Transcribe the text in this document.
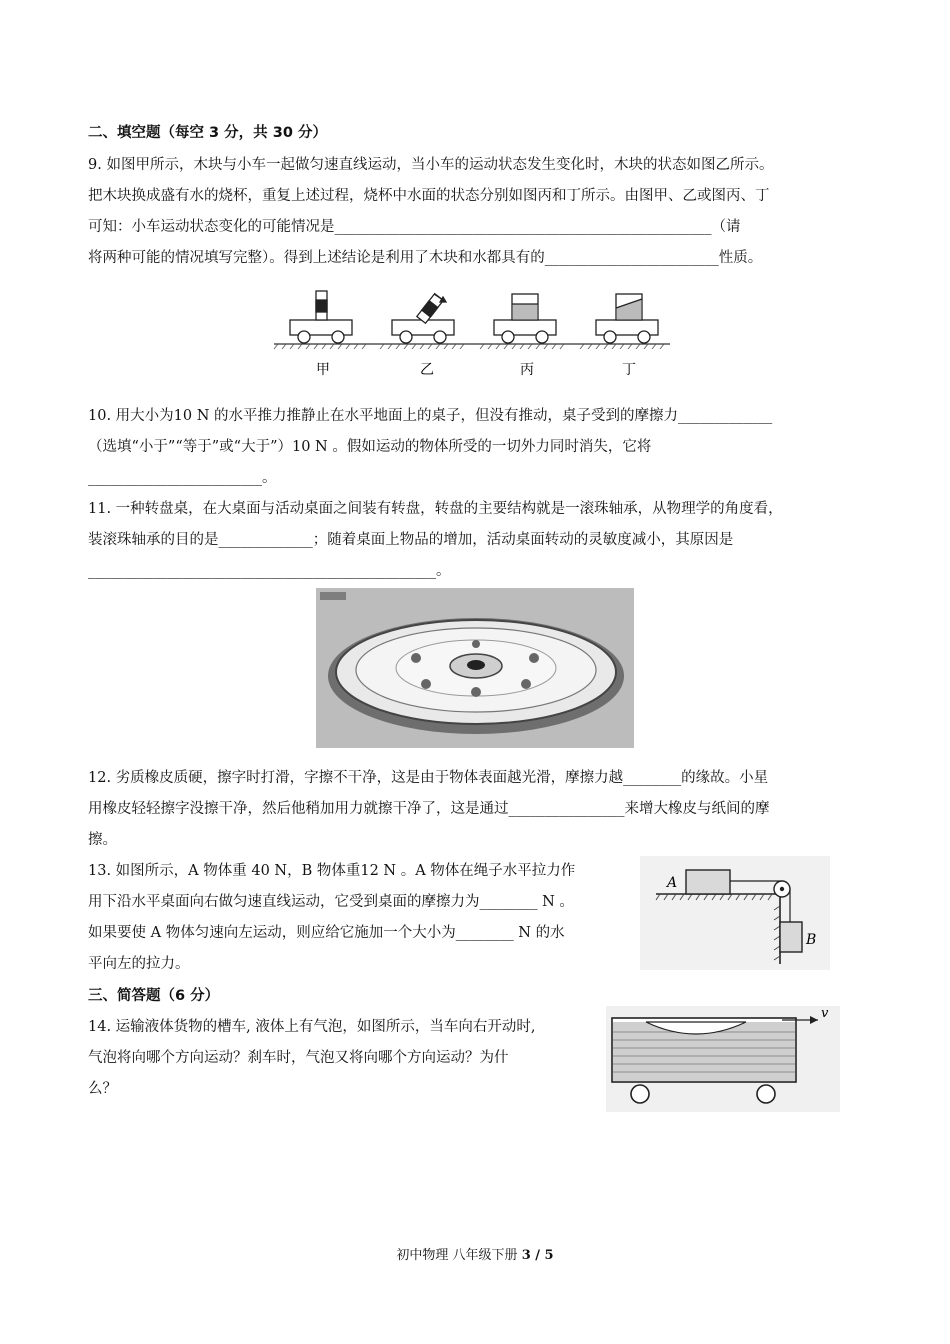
二、填空题（每空 3 分，共 30 分）
9. 如图甲所示，木块与小车一起做匀速直线运动，当小车的运动状态发生变化时，木块的状态如图乙所示。
把木块换成盛有水的烧杯，重复上述过程，烧杯中水面的状态分别如图丙和丁所示。由图甲、乙或图丙、丁
可知：小车运动状态变化的可能情况是____________________________________________________（请
将两种可能的情况填写完整）。得到上述结论是利用了木块和水都具有的________________________性质。
甲	乙	丙	丁
10. 用大小为10 N 的水平推力推静止在水平地面上的桌子，但没有推动，桌子受到的摩擦力_____________
（选填“小于”“等于”或“大于”）10 N 。假如运动的物体所受的一切外力同时消失，它将
________________________。
11. 一种转盘桌，在大桌面与活动桌面之间装有转盘，转盘的主要结构就是一滚珠轴承，从物理学的角度看，
装滚珠轴承的目的是_____________；随着桌面上物品的增加，活动桌面转动的灵敏度减小，其原因是
________________________________________________。
12. 劣质橡皮质硬，擦字时打滑，字擦不干净，这是由于物体表面越光滑，摩擦力越________的缘故。小星
用橡皮轻轻擦字没擦干净，然后他稍加用力就擦干净了，这是通过________________来增大橡皮与纸间的摩
擦。
13. 如图所示，A 物体重 40 N，B 物体重12 N 。A 物体在绳子水平拉力作
用下沿水平桌面向右做匀速直线运动，它受到桌面的摩擦力为________ N 。
如果要使 A 物体匀速向左运动，则应给它施加一个大小为________ N 的水
平向左的拉力。
A
B
三、简答题（6 分）
14. 运输液体货物的槽车, 液体上有气泡，如图所示，当车向右开动时,
气泡将向哪个方向运动？刹车时，气泡又将向哪个方向运动？为什
么？
v
初中物理 八年级下册 3 / 5
